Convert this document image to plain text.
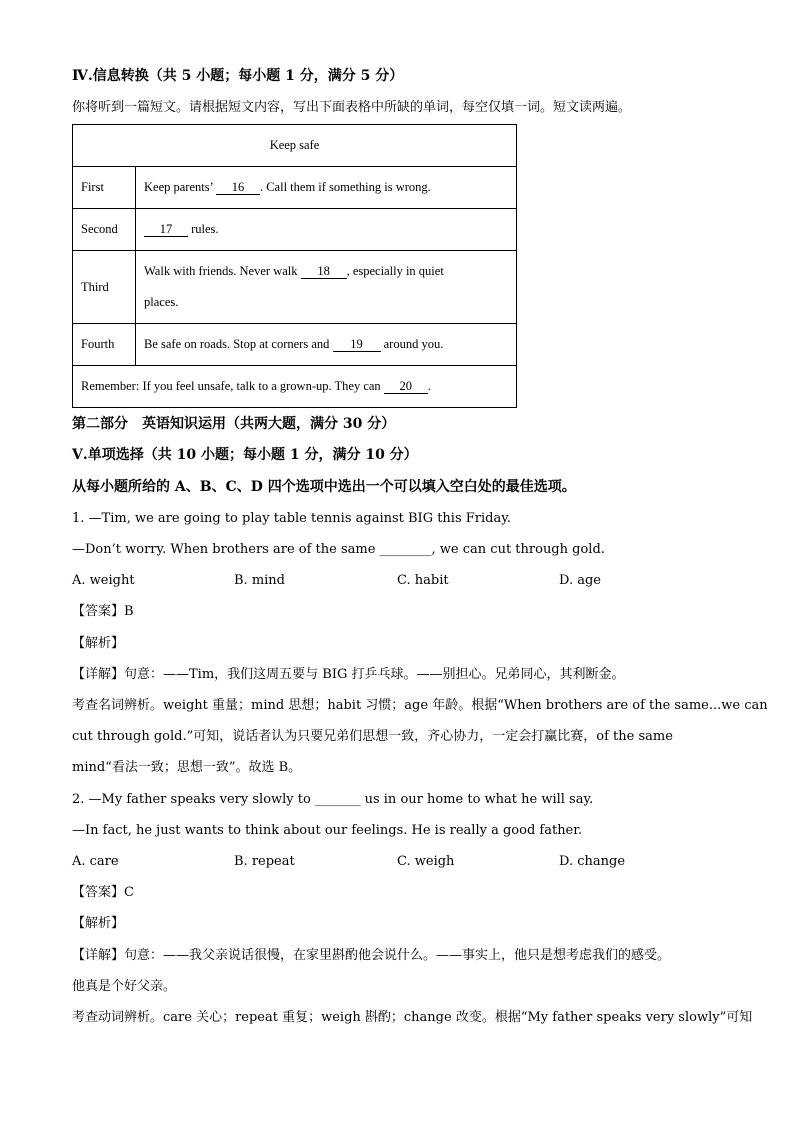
Ⅳ.信息转换（共 5 小题；每小题 1 分，满分 5 分）
你将听到一篇短文。请根据短文内容，写出下面表格中所缺的单词，每空仅填一词。短文读两遍。
Keep safe	
First	Keep parents’ 16 . Call them if something is wrong.
Second	17 rules.
Third	Walk with friends. Never walk 18 , especially in quiet
places.
Fourth	Be safe on roads. Stop at corners and 19 around you.
Remember: If you feel unsafe, talk to a grown-up. They can 20 .	
第二部分　英语知识运用（共两大题，满分 30 分）
Ⅴ.单项选择（共 10 小题；每小题 1 分，满分 10 分）
从每小题所给的 A、B、C、D 四个选项中选出一个可以填入空白处的最佳选项。
1. —Tim, we are going to play table tennis against BIG this Friday.
—Don’t worry. When brothers are of the same ________, we can cut through gold.
A. weight	B. mind	C. habit	D. age
【答案】B
【解析】
【详解】句意：——Tim，我们这周五要与 BIG 打乒乓球。——别担心。兄弟同心，其利断金。
考查名词辨析。weight 重量；mind 思想；habit 习惯；age 年龄。根据“When brothers are of the same...we can
cut through gold.”可知，说话者认为只要兄弟们思想一致，齐心协力，一定会打赢比赛，of the same
mind“看法一致；思想一致”。故选 B。
2. —My father speaks very slowly to _______ us in our home to what he will say.
—In fact, he just wants to think about our feelings. He is really a good father.
A. care	B. repeat	C. weigh	D. change
【答案】C
【解析】
【详解】句意：——我父亲说话很慢，在家里斟酌他会说什么。——事实上，他只是想考虑我们的感受。
他真是个好父亲。
考查动词辨析。care 关心；repeat 重复；weigh 斟酌；change 改变。根据“My father speaks very slowly”可知
